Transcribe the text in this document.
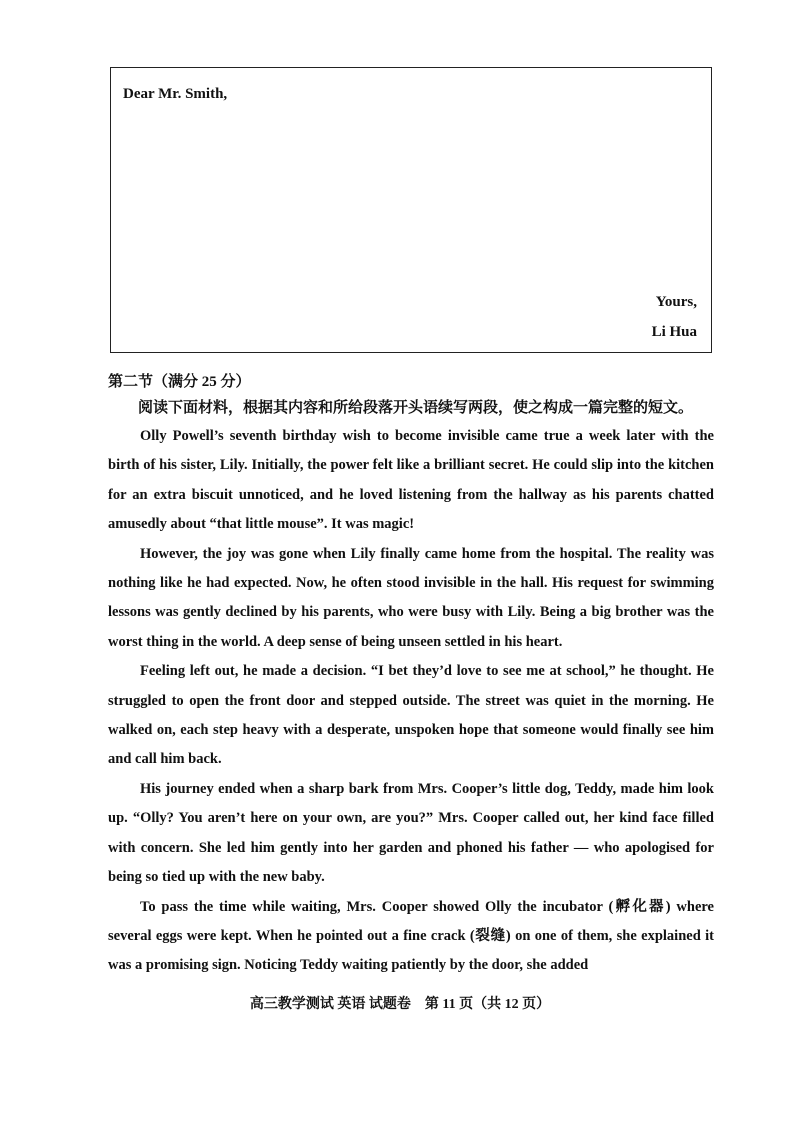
Dear Mr. Smith,
Yours,
Li Hua

第二节（满分 25 分）

阅读下面材料，根据其内容和所给段落开头语续写两段，使之构成一篇完整的短文。

Olly Powell’s seventh birthday wish to become invisible came true a week later with the birth of his sister, Lily. Initially, the power felt like a brilliant secret. He could slip into the kitchen for an extra biscuit unnoticed, and he loved listening from the hallway as his parents chatted amusedly about “that little mouse”. It was magic!

However, the joy was gone when Lily finally came home from the hospital. The reality was nothing like he had expected. Now, he often stood invisible in the hall. His request for swimming lessons was gently declined by his parents, who were busy with Lily. Being a big brother was the worst thing in the world. A deep sense of being unseen settled in his heart.

Feeling left out, he made a decision. “I bet they’d love to see me at school,” he thought. He struggled to open the front door and stepped outside. The street was quiet in the morning. He walked on, each step heavy with a desperate, unspoken hope that someone would finally see him and call him back.

His journey ended when a sharp bark from Mrs. Cooper’s little dog, Teddy, made him look up. “Olly? You aren’t here on your own, are you?” Mrs. Cooper called out, her kind face filled with concern. She led him gently into her garden and phoned his father — who apologised for being so tied up with the new baby.

To pass the time while waiting, Mrs. Cooper showed Olly the incubator (孵化器) where several eggs were kept. When he pointed out a fine crack (裂缝) on one of them, she explained it was a promising sign. Noticing Teddy waiting patiently by the door, she added

高三教学测试 英语 试题卷　第 11 页（共 12 页）
